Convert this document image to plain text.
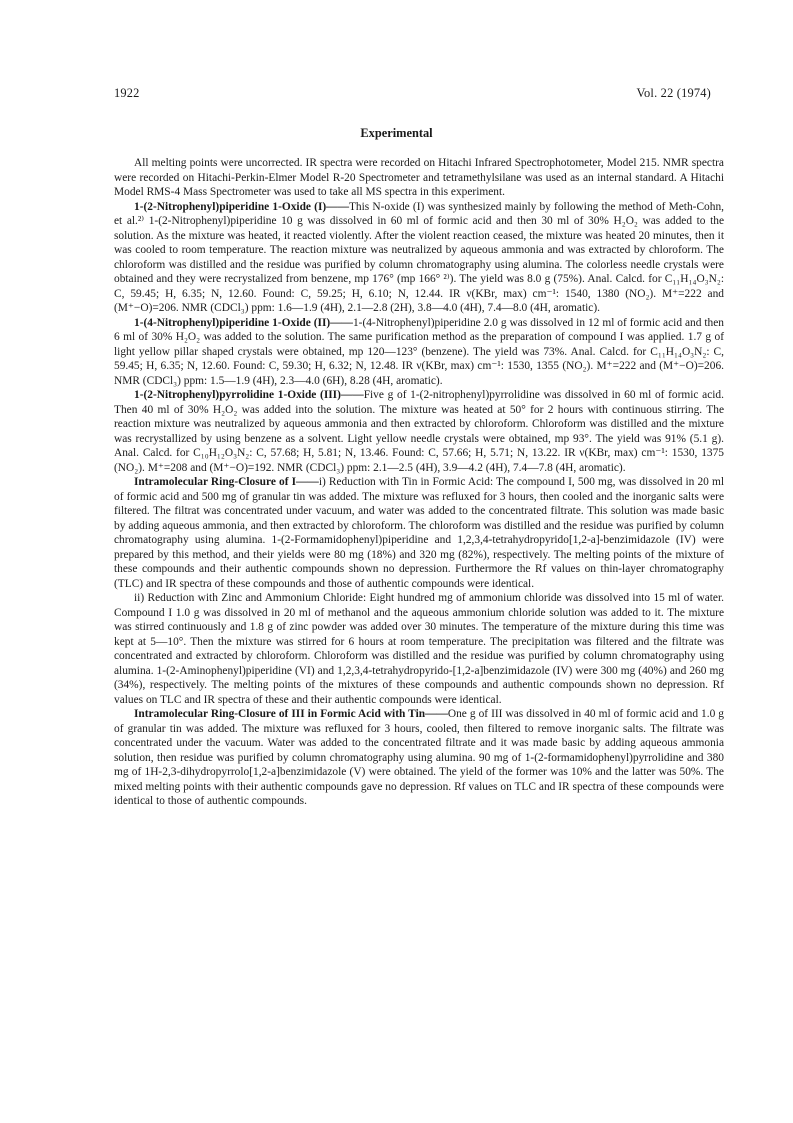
1922	Vol. 22 (1974)
Experimental

All melting points were uncorrected. IR spectra were recorded on Hitachi Infrared Spectrophotometer, Model 215. NMR spectra were recorded on Hitachi-Perkin-Elmer Model R-20 Spectrometer and tetramethylsilane was used as an internal standard. A Hitachi Model RMS-4 Mass Spectrometer was used to take all MS spectra in this experiment.

1-(2-Nitrophenyl)piperidine 1-Oxide (I)——This N-oxide (I) was synthesized mainly by following the method of Meth-Cohn, et al.²⁾ 1-(2-Nitrophenyl)piperidine 10 g was dissolved in 60 ml of formic acid and then 30 ml of 30% H₂O₂ was added to the solution. As the mixture was heated, it reacted violently. After the violent reaction ceased, the mixture was heated 20 minutes, then it was cooled to room temperature. The reaction mixture was neutralized by aqueous ammonia and was extracted by chloroform. The chloroform was distilled and the residue was purified by column chromatography using alumina. The colorless needle crystals were obtained and they were recrystalized from benzene, mp 176° (mp 166° ²⁾). The yield was 8.0 g (75%). Anal. Calcd. for C₁₁H₁₄O₃N₂: C, 59.45; H, 6.35; N, 12.60. Found: C, 59.25; H, 6.10; N, 12.44. IR ν(KBr, max) cm⁻¹: 1540, 1380 (NO₂). M⁺=222 and (M⁺−O)=206. NMR (CDCl₃) ppm: 1.6—1.9 (4H), 2.1—2.8 (2H), 3.8—4.0 (4H), 7.4—8.0 (4H, aromatic).

1-(4-Nitrophenyl)piperidine 1-Oxide (II)——1-(4-Nitrophenyl)piperidine 2.0 g was dissolved in 12 ml of formic acid and then 6 ml of 30% H₂O₂ was added to the solution. The same purification method as the preparation of compound I was applied. 1.7 g of light yellow pillar shaped crystals were obtained, mp 120—123° (benzene). The yield was 73%. Anal. Calcd. for C₁₁H₁₄O₃N₂: C, 59.45; H, 6.35; N, 12.60. Found: C, 59.30; H, 6.32; N, 12.48. IR ν(KBr, max) cm⁻¹: 1530, 1355 (NO₂). M⁺=222 and (M⁺−O)=206. NMR (CDCl₃) ppm: 1.5—1.9 (4H), 2.3—4.0 (6H), 8.28 (4H, aromatic).

1-(2-Nitrophenyl)pyrrolidine 1-Oxide (III)——Five g of 1-(2-nitrophenyl)pyrrolidine was dissolved in 60 ml of formic acid. Then 40 ml of 30% H₂O₂ was added into the solution. The mixture was heated at 50° for 2 hours with continuous stirring. The reaction mixture was neutralized by aqueous ammonia and then extracted by chloroform. Chloroform was distilled and the mixture was recrystallized by using benzene as a solvent. Light yellow needle crystals were obtained, mp 93°. The yield was 91% (5.1 g). Anal. Calcd. for C₁₀H₁₂O₃N₂: C, 57.68; H, 5.81; N, 13.46. Found: C, 57.66; H, 5.71; N, 13.22. IR ν(KBr, max) cm⁻¹: 1530, 1375 (NO₂). M⁺=208 and (M⁺−O)=192. NMR (CDCl₃) ppm: 2.1—2.5 (4H), 3.9—4.2 (4H), 7.4—7.8 (4H, aromatic).

Intramolecular Ring-Closure of I——i) Reduction with Tin in Formic Acid: The compound I, 500 mg, was dissolved in 20 ml of formic acid and 500 mg of granular tin was added. The mixture was refluxed for 3 hours, then cooled and the inorganic salts were filtered. The filtrat was concentrated under vacuum, and water was added to the concentrated filtrate. This solution was made basic by adding aqueous ammonia, and then extracted by chloroform. The chloroform was distilled and the residue was purified by column chromatography using alumina. 1-(2-Formamidophenyl)piperidine and 1,2,3,4-tetrahydropyrido[1,2-a]-benzimidazole (IV) were prepared by this method, and their yields were 80 mg (18%) and 320 mg (82%), respectively. The melting points of the mixture of these compounds and their authentic compounds shown no depression. Furthermore the Rf values on thin-layer chromatography (TLC) and IR spectra of these compounds and those of authentic compounds were identical.

ii) Reduction with Zinc and Ammonium Chloride: Eight hundred mg of ammonium chloride was dissolved into 15 ml of water. Compound I 1.0 g was dissolved in 20 ml of methanol and the aqueous ammonium chloride solution was added to it. The mixture was stirred continuously and 1.8 g of zinc powder was added over 30 minutes. The temperature of the mixture during this time was kept at 5—10°. Then the mixture was stirred for 6 hours at room temperature. The precipitation was filtered and the filtrate was concentrated and extracted by chloroform. Chloroform was distilled and the residue was purified by column chromatography using alumina. 1-(2-Aminophenyl)piperidine (VI) and 1,2,3,4-tetrahydropyrido-[1,2-a]benzimidazole (IV) were 300 mg (40%) and 260 mg (34%), respectively. The melting points of the mixtures of these compounds and authentic compounds shown no depression. Rf values on TLC and IR spectra of these and their authentic compounds were identical.

Intramolecular Ring-Closure of III in Formic Acid with Tin——One g of III was dissolved in 40 ml of formic acid and 1.0 g of granular tin was added. The mixture was refluxed for 3 hours, cooled, then filtered to remove inorganic salts. The filtrate was concentrated under the vacuum. Water was added to the concentrated filtrate and it was made basic by adding aqueous ammonia solution, then residue was purified by column chromatography using alumina. 90 mg of 1-(2-formamidophenyl)pyrrolidine and 380 mg of 1H-2,3-dihydropyrrolo[1,2-a]benzimidazole (V) were obtained. The yield of the former was 10% and the latter was 50%. The mixed melting points with their authentic compounds gave no depression. Rf values on TLC and IR spectra of these compounds were identical to those of authentic compounds.
